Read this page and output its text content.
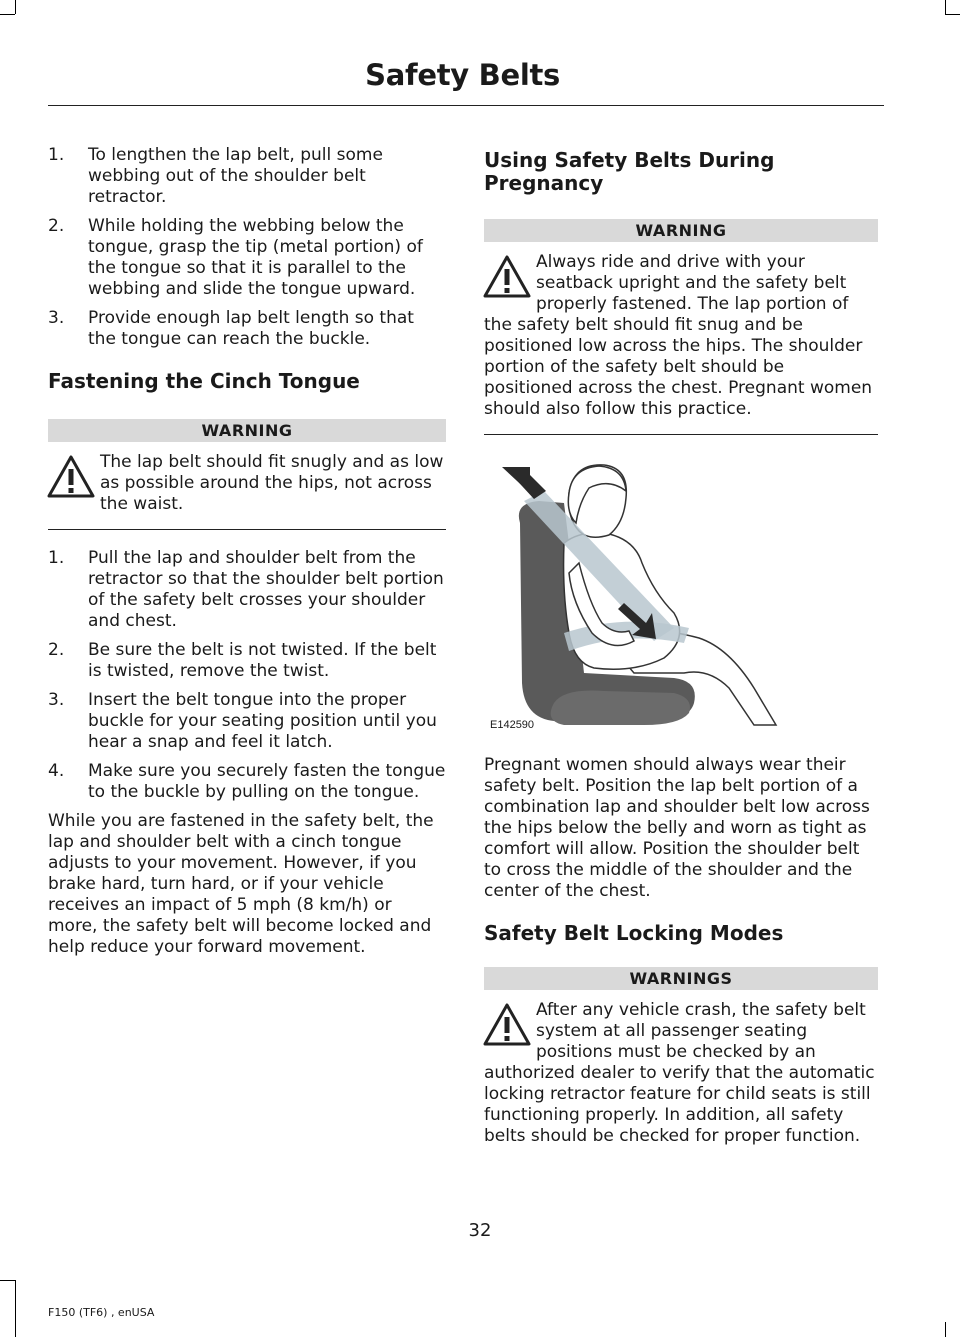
Safety Belts
1. To lengthen the lap belt, pull some webbing out of the shoulder belt retractor.
2. While holding the webbing below the tongue, grasp the tip (metal portion) of the tongue so that it is parallel to the webbing and slide the tongue upward.
3. Provide enough lap belt length so that the tongue can reach the buckle.
Fastening the Cinch Tongue
WARNING
The lap belt should fit snugly and as low as possible around the hips, not across the waist.
1. Pull the lap and shoulder belt from the retractor so that the shoulder belt portion of the safety belt crosses your shoulder and chest.
2. Be sure the belt is not twisted. If the belt is twisted, remove the twist.
3. Insert the belt tongue into the proper buckle for your seating position until you hear a snap and feel it latch.
4. Make sure you securely fasten the tongue to the buckle by pulling on the tongue.

While you are fastened in the safety belt, the lap and shoulder belt with a cinch tongue adjusts to your movement. However, if you brake hard, turn hard, or if your vehicle receives an impact of 5 mph (8 km/h) or more, the safety belt will become locked and help reduce your forward movement.

Using Safety Belts During Pregnancy
WARNING
Always ride and drive with your seatback upright and the safety belt properly fastened. The lap portion of the safety belt should fit snug and be positioned low across the hips. The shoulder portion of the safety belt should be positioned across the chest. Pregnant women should also follow this practice.
E142590

Pregnant women should always wear their safety belt. Position the lap belt portion of a combination lap and shoulder belt low across the hips below the belly and worn as tight as comfort will allow. Position the shoulder belt to cross the middle of the shoulder and the center of the chest.

Safety Belt Locking Modes
WARNINGS
After any vehicle crash, the safety belt system at all passenger seating positions must be checked by an authorized dealer to verify that the automatic locking retractor feature for child seats is still functioning properly. In addition, all safety belts should be checked for proper function.
32
F150 (TF6) , enUSA
